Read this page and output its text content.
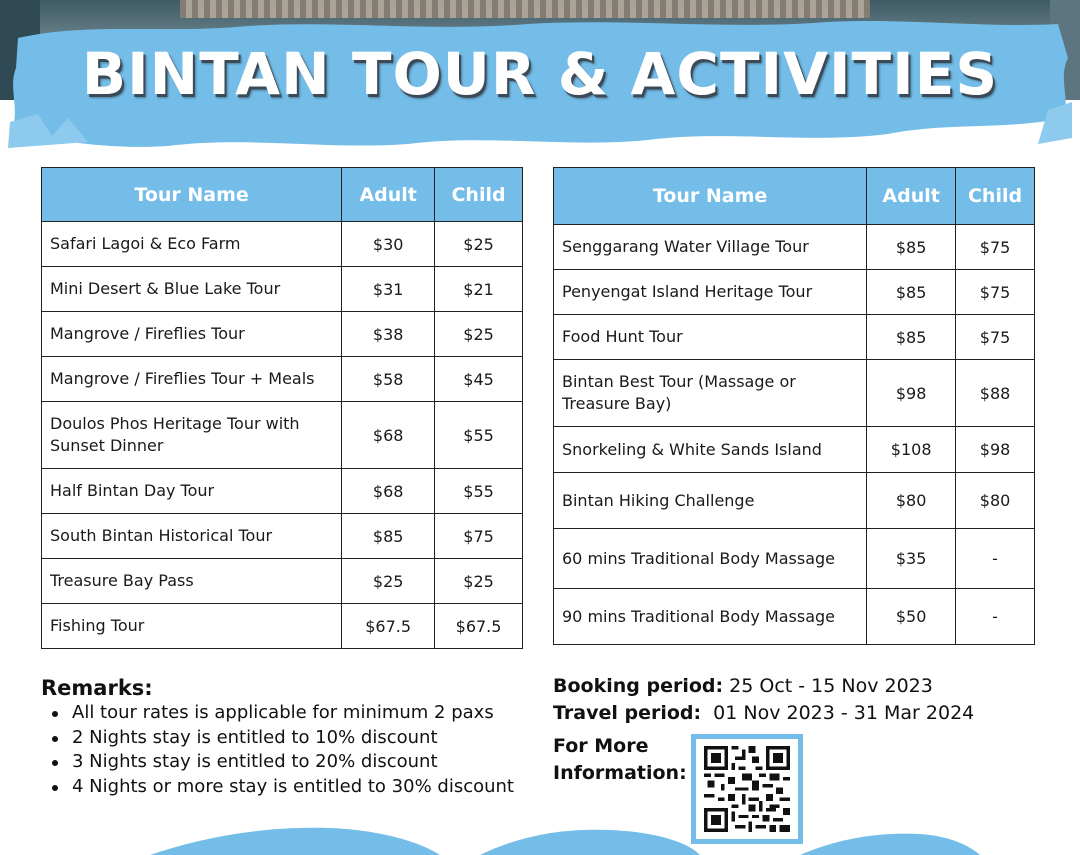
BINTAN TOUR & ACTIVITIES
Tour Name	Adult	Child
Safari Lagoi & Eco Farm	$30	$25
Mini Desert & Blue Lake Tour	$31	$21
Mangrove / Fireflies Tour	$38	$25
Mangrove / Fireflies Tour + Meals	$58	$45
Doulos Phos Heritage Tour with Sunset Dinner	$68	$55
Half Bintan Day Tour	$68	$55
South Bintan Historical Tour	$85	$75
Treasure Bay Pass	$25	$25
Fishing Tour	$67.5	$67.5
Tour Name	Adult	Child
Senggarang Water Village Tour	$85	$75
Penyengat Island Heritage Tour	$85	$75
Food Hunt Tour	$85	$75
Bintan Best Tour (Massage or Treasure Bay)	$98	$88
Snorkeling & White Sands Island	$108	$98
Bintan Hiking Challenge	$80	$80
60 mins Traditional Body Massage	$35	-
90 mins Traditional Body Massage	$50	-
Remarks:
All tour rates is applicable for minimum 2 paxs
2 Nights stay is entitled to 10% discount
3 Nights stay is entitled to 20% discount
4 Nights or more stay is entitled to 30% discount
Booking period: 25 Oct - 15 Nov 2023
Travel period:  01 Nov 2023 - 31 Mar 2024
For More
Information:
